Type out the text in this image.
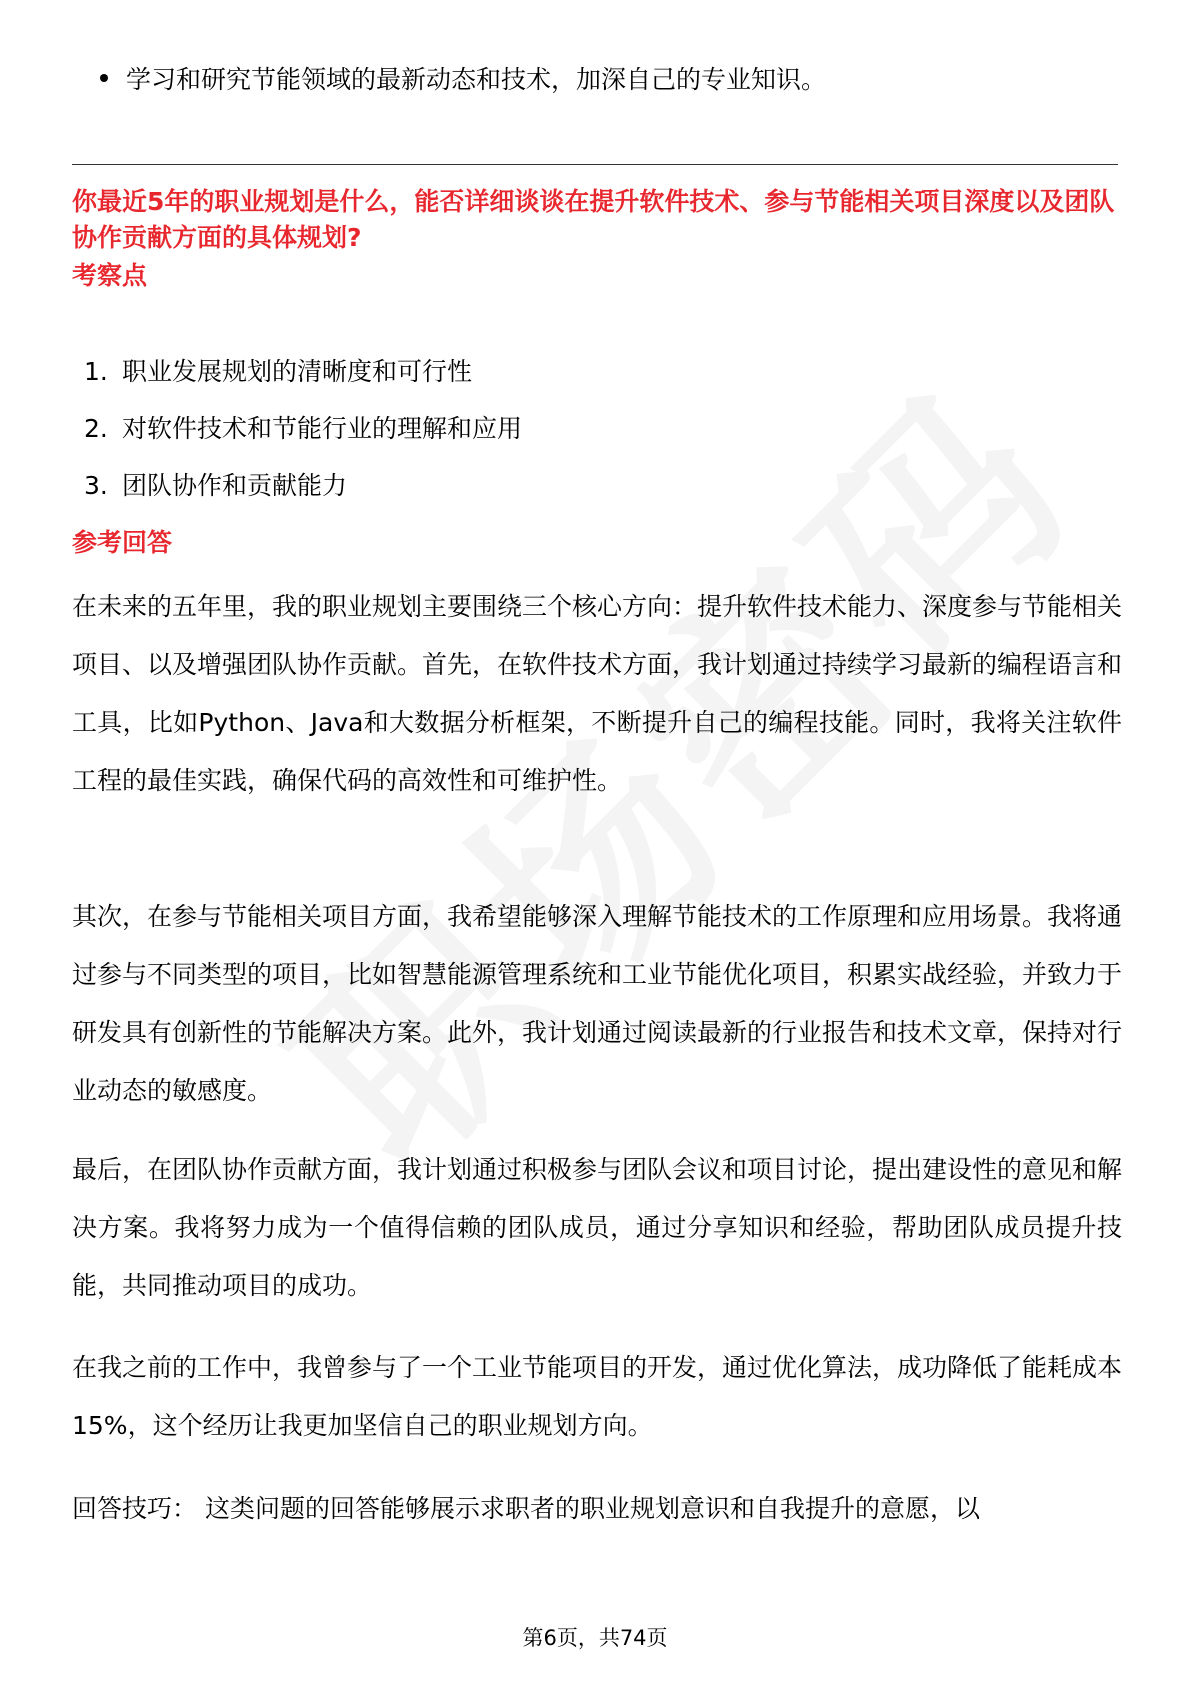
学习和研究节能领域的最新动态和技术，加深自己的专业知识。
你最近5年的职业规划是什么，能否详细谈谈在提升软件技术、参与节能相关项目深度以及团队协作贡献方面的具体规划?
考察点
1. 职业发展规划的清晰度和可行性
2. 对软件技术和节能行业的理解和应用
3. 团队协作和贡献能力
参考回答
在未来的五年里，我的职业规划主要围绕三个核心方向：提升软件技术能力、深度参与节能相关项目、以及增强团队协作贡献。首先，在软件技术方面，我计划通过持续学习最新的编程语言和工具，比如Python、Java和大数据分析框架，不断提升自己的编程技能。同时，我将关注软件工程的最佳实践，确保代码的高效性和可维护性。
其次，在参与节能相关项目方面，我希望能够深入理解节能技术的工作原理和应用场景。我将通过参与不同类型的项目，比如智慧能源管理系统和工业节能优化项目，积累实战经验，并致力于研发具有创新性的节能解决方案。此外，我计划通过阅读最新的行业报告和技术文章，保持对行业动态的敏感度。
最后，在团队协作贡献方面，我计划通过积极参与团队会议和项目讨论，提出建设性的意见和解决方案。我将努力成为一个值得信赖的团队成员，通过分享知识和经验，帮助团队成员提升技能，共同推动项目的成功。
在我之前的工作中，我曾参与了一个工业节能项目的开发，通过优化算法，成功降低了能耗成本15%，这个经历让我更加坚信自己的职业规划方向。
回答技巧： 这类问题的回答能够展示求职者的职业规划意识和自我提升的意愿，以
第6页，共74页
